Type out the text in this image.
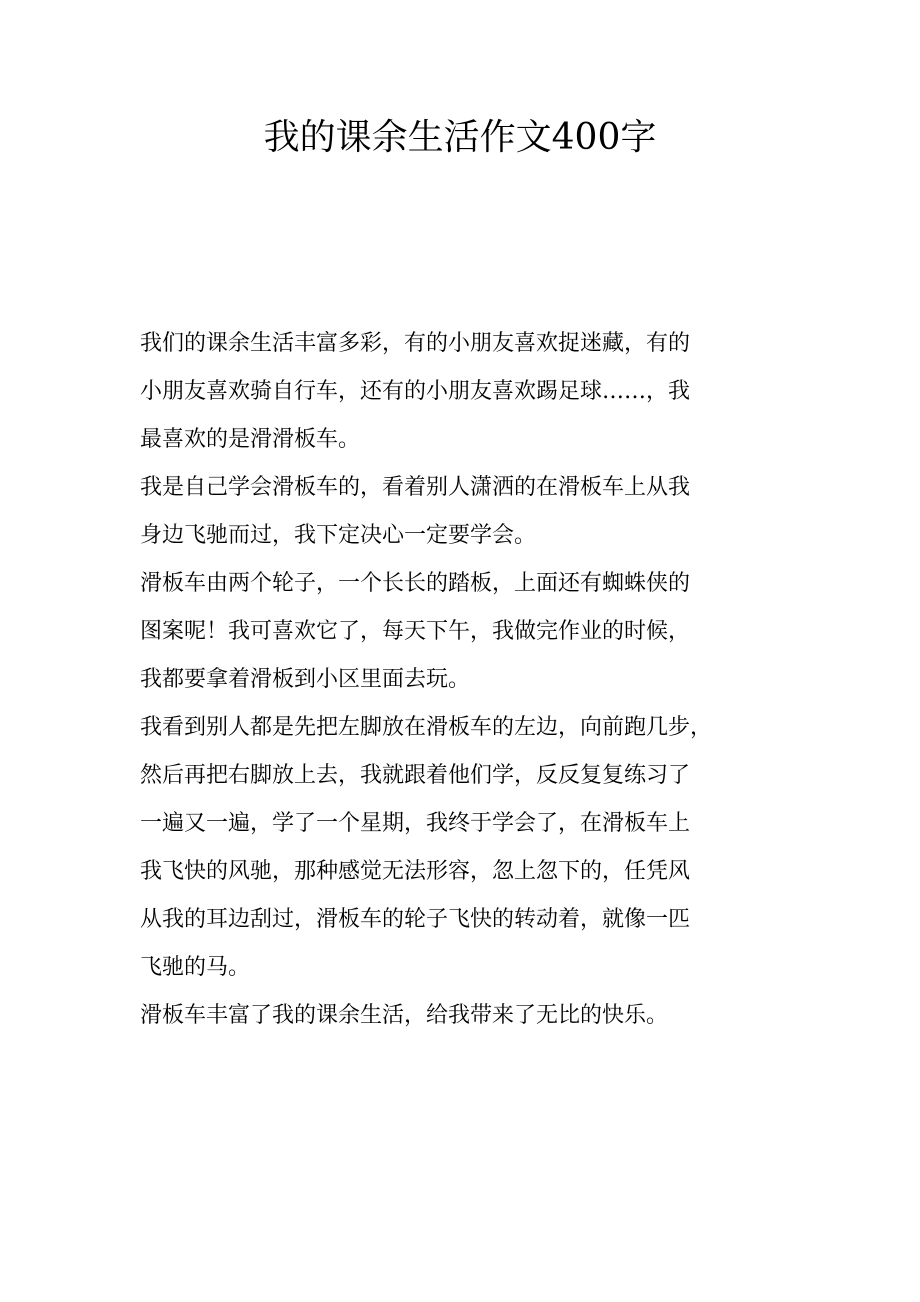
我的课余生活作文400字

我们的课余生活丰富多彩，有的小朋友喜欢捉迷藏，有的
小朋友喜欢骑自行车，还有的小朋友喜欢踢足球……，我
最喜欢的是滑滑板车。

我是自己学会滑板车的，看着别人潇洒的在滑板车上从我
身边飞驰而过，我下定决心一定要学会。

滑板车由两个轮子，一个长长的踏板，上面还有蜘蛛侠的
图案呢！我可喜欢它了，每天下午，我做完作业的时候，
我都要拿着滑板到小区里面去玩。

我看到别人都是先把左脚放在滑板车的左边，向前跑几步，
然后再把右脚放上去，我就跟着他们学，反反复复练习了
一遍又一遍，学了一个星期，我终于学会了，在滑板车上
我飞快的风驰，那种感觉无法形容，忽上忽下的，任凭风
从我的耳边刮过，滑板车的轮子飞快的转动着，就像一匹
飞驰的马。

滑板车丰富了我的课余生活，给我带来了无比的快乐。
